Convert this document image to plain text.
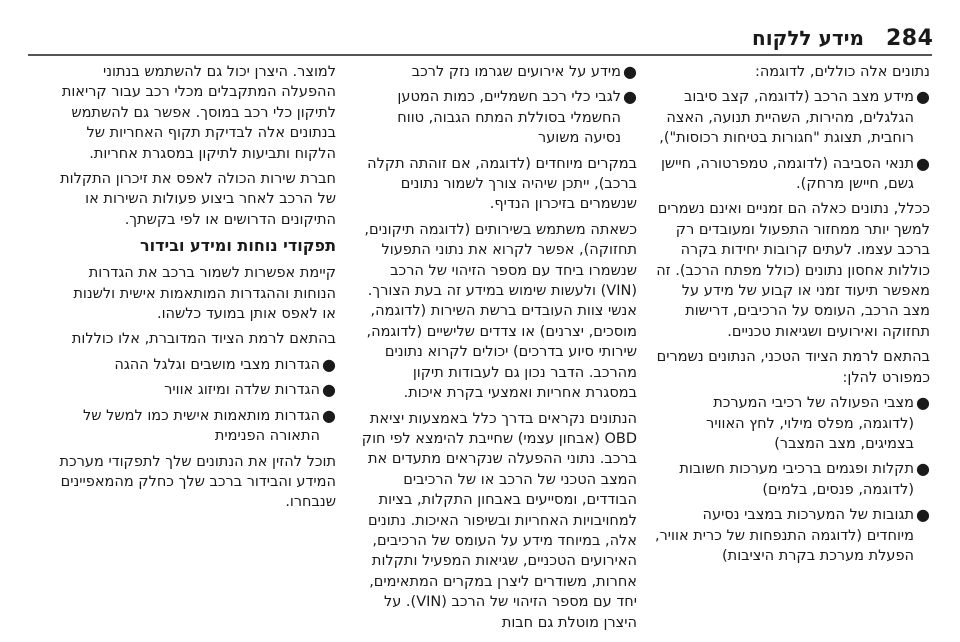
284
מידע ללקוח

נתונים אלה כוללים, לדוגמה:

●
מידע מצב הרכב (לדוגמה, קצב סיבוב הגלגלים, מהירות, השהיית תנועה, האצה רוחבית, תצוגת "חגורות בטיחות רכוסות"),
●
תנאי הסביבה (לדוגמה, טמפרטורה, חיישן גשם, חיישן מרחק).

ככלל, נתונים כאלה הם זמניים ואינם נשמרים למשך יותר ממחזור התפעול ומעובדים רק ברכב עצמו. לעתים קרובות יחידות בקרה כוללות אחסון נתונים (כולל מפתח הרכב). זה מאפשר תיעוד זמני או קבוע של מידע על מצב הרכב, העומס על הרכיבים, דרישות תחזוקה ואירועים ושגיאות טכניים.

בהתאם לרמת הציוד הטכני, הנתונים נשמרים כמפורט להלן:

●
מצבי הפעולה של רכיבי המערכת (לדוגמה, מפלס מילוי, לחץ האוויר בצמיגים, מצב המצבר)
●
תקלות ופגמים ברכיבי מערכות חשובות (לדוגמה, פנסים, בלמים)
●
תגובות של המערכות במצבי נסיעה מיוחדים (לדוגמה התנפחות של כרית אוויר, הפעלת מערכת בקרת היציבות)
●
מידע על אירועים שגרמו נזק לרכב
●
לגבי כלי רכב חשמליים, כמות המטען החשמלי בסוללת המתח הגבוה, טווח נסיעה משוער

במקרים מיוחדים (לדוגמה, אם זוהתה תקלה ברכב), ייתכן שיהיה צורך לשמור נתונים שנשמרים בזיכרון הנדיף.

כשאתה משתמש בשירותים (לדוגמה תיקונים, תחזוקה), אפשר לקרוא את נתוני התפעול שנשמרו ביחד עם מספר הזיהוי של הרכב (VIN) ולעשות שימוש במידע זה בעת הצורך. אנשי צוות העובדים ברשת השירות (לדוגמה, מוסכים, יצרנים) או צדדים שלישיים (לדוגמה, שירותי סיוע בדרכים) יכולים לקרוא נתונים מהרכב. הדבר נכון גם לעבודות תיקון במסגרת אחריות ואמצעי בקרת איכות.

הנתונים נקראים בדרך כלל באמצעות יציאת OBD (אבחון עצמי) שחייבת להימצא לפי חוק ברכב. נתוני ההפעלה שנקראים מתעדים את המצב הטכני של הרכב או של הרכיבים הבודדים, ומסייעים באבחון התקלות, בציות למחויבויות האחריות ובשיפור האיכות. נתונים אלה, במיוחד מידע על העומס של הרכיבים, האירועים הטכניים, שגיאות המפעיל ותקלות אחרות, משודרים ליצרן במקרים המתאימים, יחד עם מספר הזיהוי של הרכב (VIN). על היצרן מוטלת גם חבות

למוצר. היצרן יכול גם להשתמש בנתוני ההפעלה המתקבלים מכלי רכב עבור קריאות לתיקון כלי רכב במוסך. אפשר גם להשתמש בנתונים אלה לבדיקת תקוף האחריות של הלקוח ותביעות לתיקון במסגרת אחריות.

חברת שירות הכולה לאפס את זיכרון התקלות של הרכב לאחר ביצוע פעולות השירות או התיקונים הדרושים או לפי בקשתך.

תפקודי נוחות ומידע ובידור

קיימת אפשרות לשמור ברכב את הגדרות הנוחות וההגדרות המותאמות אישית ולשנות או לאפס אותן במועד כלשהו.

בהתאם לרמת הציוד המדוברת, אלו כוללות

●
הגדרות מצבי מושבים וגלגל ההגה
●
הגדרות שלדה ומיזוג אוויר
●
הגדרות מותאמות אישית כמו למשל של התאורה הפנימית

תוכל להזין את הנתונים שלך לתפקודי מערכת המידע והבידור ברכב שלך כחלק מהמאפיינים שנבחרו.
